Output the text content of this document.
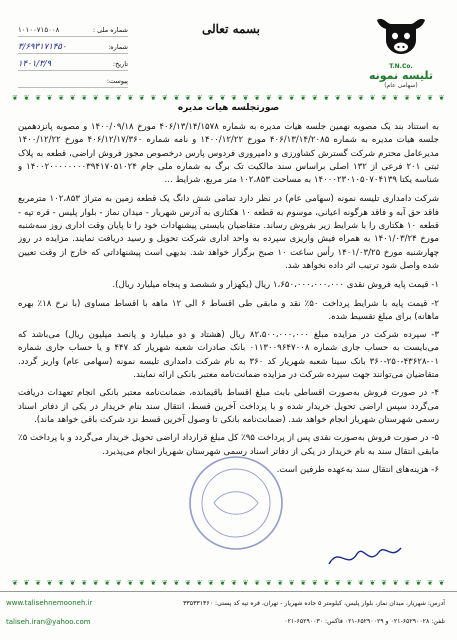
شماره ملی :
۱۰۱۰۰۷۱۵۰۰۸
شماره:
۳/۶۹۳۱۷۱۴۵۰
تاریخ:
۱۴۰۱/۳/۹
پیوست:
بسمه تعالی
T.N.Co.
تلیسه نمونه
(سهامی عام)
❦ ❦ ❦ ❦ ❦ ❦ ❦ ❦ ❦ ❦ ❦ ❦ ❦ ❦ ❦ ❦ ❦ ❦ ❦ ❦ ❦ ❦ ❦ ❦ ❦ ❦ ❦ ❦ ❦ ❦ ❦ ❦ ❦ ❦ ❦ ❦ ❦ ❦
صورتجلسه هیات مدیره

به استناد بند یک مصوبه نهمین جلسه هیات مدیره به شماره ۴۰۶/۱۳/۱۴/۱۵۷۸ مورخ ۱۴۰۰/۰۹/۱۸ و مصوبه پانزدهمین جلسه هیات مدیره به شماره ۴۰۶/۱۳/۱۴/۲۰۸۵ مورخ ۱۴۰۰/۱۲/۲۲ و نامه شماره ۴۰۶/۱۲/۱۷/۳۶۰ مورخ ۱۴۰۰/۱۲/۲۲ مدیرعامل محترم شرکت گسترش کشاورزی و دامپروری فردوس پارس درخصوص مجوز فروش اراضی، قطعه به پلاک ثبتی ۲۰۱ فرعی از ۱۳۲ اصلی براساس سند مالکیت تک برگ به شماره ملی جام ۱۴۰۰۲۰۰۰۰۰۰۰۰۳۹۴۱۷۰۵۱۰۲۴ و شناسه یکتا ۱۴۰۰۰۲۳۰۱۰۵۰۷۰۴۱۳۹ به مساحت ۱۰۲،۸۵۳ متر مربع، شرایط ...

شرکت دامداری تلیسه نمونه (سهامی عام) در نظر دارد تمامی شش دانگ یک قطعه زمین به متراژ ۱۰۲،۸۵۳ مترمربع فاقد حق آبه و فاقد هرگونه اعیانی، موسوم به قطعه ۱۰ هکتاری به آدرس شهریار - میدان نماز - بلوار پلیس - قره تپه - قطعه ۱۰ هکتاری را با شرایط زیر بفروش رساند. متقاضیان بایستی پیشنهادات خود را تا پایان وقت اداری روز سه‌شنبه مورخ ۱۴۰۱/۰۳/۲۴ به همراه فیش واریزی سپرده به واحد اداری شرکت تحویل و رسید دریافت نمایند. مزایده در روز چهارشنبه مورخ ۱۴۰۱/۰۳/۲۵ رأس ساعت ۱۰ صبح برگزار خواهد شد. بدیهی است پیشنهاداتی که خارج از وقت تعیین شده واصل شود ترتیب اثر داده نخواهد شد.

۱- قیمت پایه فروش نقدی ۱،۶۵۰،۰۰۰،۰۰۰،۰۰۰ ریال (یکهزار و ششصد و پنجاه میلیارد ریال).
۲- قیمت پایه با شرایط پرداخت ۵۰٪ نقد و مابقی طی اقساط ۶ الی ۱۲ ماهه با اقساط مساوی (با نرخ ۱۸٪ بهره ماهانه) برای مبلغ تقسیط شده.
۳- سپرده شرکت در مزایده مبلغ ۸۲،۵۰۰،۰۰۰،۰۰۰ ریال (هشتاد و دو میلیارد و پانصد میلیون ریال) می‌باشد که می‌بایست به حساب جاری شماره ۰۱۱۳۰۰۹۶۴۷۰۰۸ بانک صادرات شعبه شهریار کد ۴۴۷ و یا حساب جاری شماره ۰۱-۴۳۶۲۸-۲۵۰-۳۶۰ بانک سینا شعبه شهریار کد ۳۶۰ به نام شرکت دامداری تلیسه نمونه (سهامی عام) واریز گردد. متقاضیان می‌توانند جهت سپرده شرکت در مزایده ضمانت‌نامه معتبر بانکی ارائه نمایند.
۴- در صورت فروش به‌صورت اقساطی بابت مبلغ اقساط باقیمانده، ضمانت‌نامه معتبر بانکی انجام تعهدات دریافت می‌گردد سپس اراضی تحویل خریدار شده و با پرداخت آخرین قسط، انتقال سند بنام خریدار در یکی از دفاتر اسناد رسمی شهرستان شهریار انجام خواهد شد. (ضمانت‌نامه بانکی تا وصول آخرین قسط نزد شرکت باقی خواهد ماند).
۵- در صورت فروش به‌صورت نقدی پس از پرداخت ۹۵٪ کل مبلغ قرارداد اراضی تحویل خریدار می‌گردد و با پرداخت ۵٪ مابقی انتقال سند به نام خریدار در یکی از دفاتر اسناد رسمی شهرستان شهریار انجام می‌پذیرد.
۶- هزینه‌های انتقال سند به‌عهده طرفین است.
❦ ❦ ❦ ❦ ❦ ❦ ❦ ❦ ❦ ❦ ❦ ❦ ❦ ❦ ❦ ❦ ❦ ❦ ❦ ❦ ❦ ❦ ❦ ❦ ❦ ❦ ❦ ❦ ❦ ❦ ❦ ❦ ❦ ❦ ❦ ❦ ❦ ❦
آدرس: شهریار، میدان نماز، بلوار پلیس، کیلومتر ۵ جاده شهریار - تهران، قره تپه کد پستی: ۳۳۵۳۳۱۳۶۰
تلفن: ۶۵۲۹۰۰۲۸-۰۲۱ و ۶۵۲۹۰۰۲۹-۰۲۱ فاکس: ۶۵۲۹۰۰۳۰-۰۲۱
www.talisehnemooneh.ir
taliseh.iran@yahoo.com
